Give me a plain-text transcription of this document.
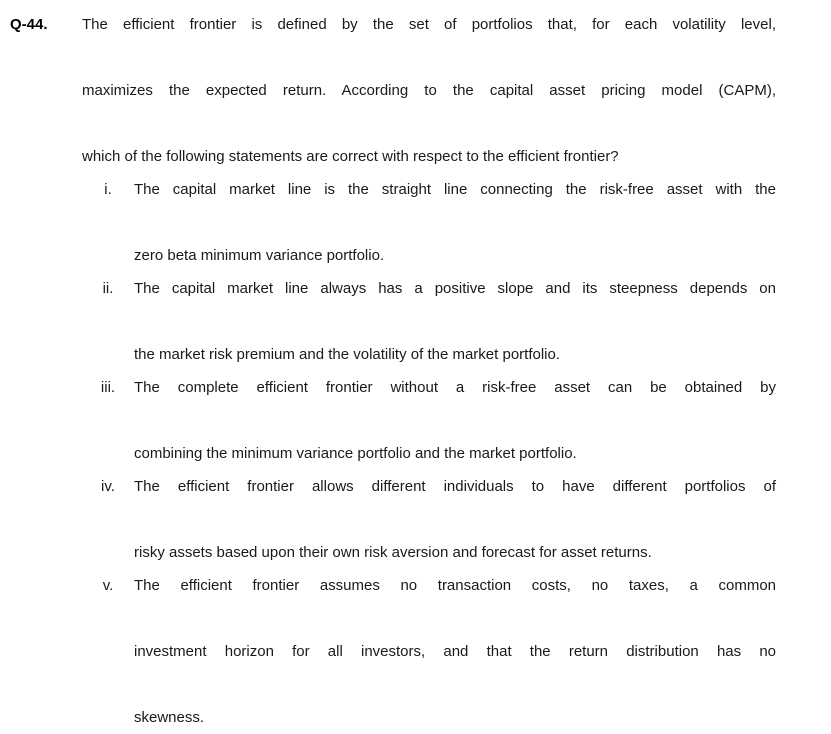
Q-44.	The efficient frontier is defined by the set of portfolios that, for each volatility level,
maximizes the expected return. According to the capital asset pricing model (CAPM),
which of the following statements are correct with respect to the efficient frontier?
i.	The capital market line is the straight line connecting the risk-free asset with the
zero beta minimum variance portfolio.
ii.	The capital market line always has a positive slope and its steepness depends on
the market risk premium and the volatility of the market portfolio.
iii.	The complete efficient frontier without a risk-free asset can be obtained by
combining the minimum variance portfolio and the market portfolio.
iv.	The efficient frontier allows different individuals to have different portfolios of
risky assets based upon their own risk aversion and forecast for asset returns.
v.	The efficient frontier assumes no transaction costs, no taxes, a common
investment horizon for all investors, and that the return distribution has no
skewness.
